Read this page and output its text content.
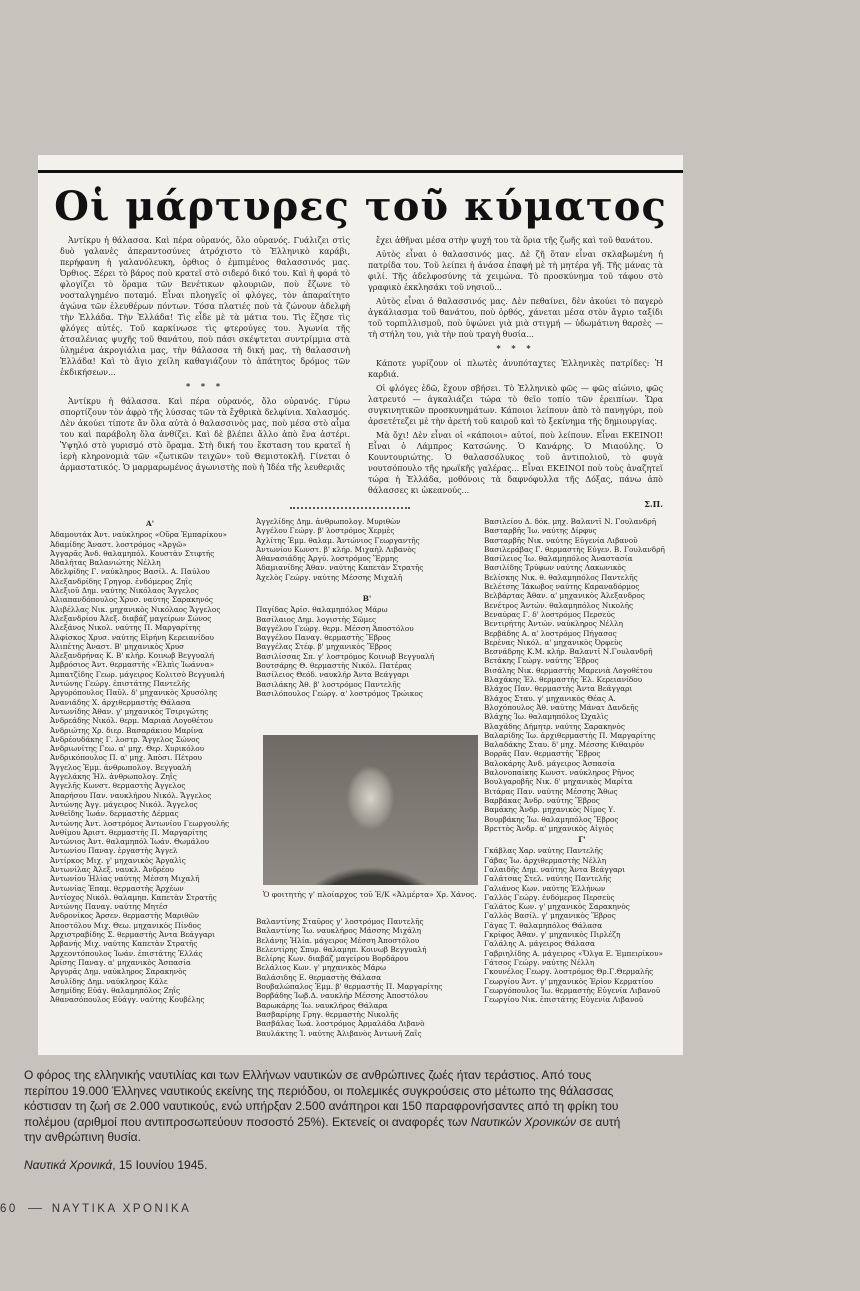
Οἱ μάρτυρες τοῦ κύματος

Ἀντίκρυ ἡ θάλασσα. Καὶ πέρα οὐρανός, ὅλο οὐρανός. Γυάλιζει στὶς δυὸ γαλανὲς ἀπεραντοσύνες ἀτρόχιστο τὸ Ἑλληνικὸ καράβι, περήφανη ἡ γαλανόλευκη, ὀρθιος ὁ ἐμπιμένος θαλασσινός μας. Ὀρθιος. Ξέρει τὸ βάρος ποὺ κρατεῖ στὸ σιδερό δικό του. Καὶ ἡ φορά τὸ φλογίζει τὸ ὅραμα τῶν Βενέτικων φλουριῶν, ποὺ ἔζωνε τὸ νοσταλγημένο ποταμό. Εἶναι πλοηγεῖς οἱ φλόγες, τὸν ἀπαραίτητο ἀγώνα τῶν ἑλευθέρων πόντων. Τόσα πλατιές ποὺ τὰ ζώνουν ἀδελφὴ τὴν Ἑλλάδα. Τὴν Ἑλλάδα! Τὶς εἶδε μὲ τὰ μάτια του. Τὶς ἔζησε τὶς φλόγες αὐτές. Τοῦ καρκίνωσε τὶς φτερούγες του. Ἀγωνία τῆς ἀτσαλένιας ψυχῆς τοῦ θανάτου, ποὺ πάσι σκέψτεται συντρίμμια στὰ ὑλημένα ἀκρογιάλια μας, τὴν θάλασσα τὴ δική μας, τὴ θαλασσινὴ Ἑλλάδα! Καὶ τὸ ἄγιο χείλη καθαγιάζουν τὸ ἀπάτητος δρόμος τῶν ἐκδικήσεων...

* * *

Ἀντίκρυ ἡ θάλασσα. Καὶ πέρα οὐρανός, ὅλο οὐρανός. Γύρω σπορτίζουν τὸν ἀφρὸ τῆς λύσσας τῶν τὰ ἔχθρικὰ δελφίνια. Χαλασμός. Δὲν ἀκούει τίποτε ἄν ὅλα αὐτὰ ὁ θαλασσινὸς μας, ποὺ μέσα στὸ αἷμα του καὶ παράβολη ὅλα ἀνθίζει. Καὶ δὲ βλέπει ἄλλο ἀπὸ ἕνα ἀστέρι. Ὑψηλό στὸ γυρισμό στὸ ὅραμα. Στὴ δική του ἔκσταση του κρατεῖ ἡ ἱερὴ κληρονομιὰ τῶν «ζωτικῶν τειχῶν» τοῦ Θεμιστοκλῆ. Γίνεται ὁ ἀρμαστατικός. Ὁ μαρμαρωμένος ἀγωνιστὴς ποὺ ἡ Ἰδέα τῆς λευθεριᾶς

ἔχει ἀθῆναι μέσα στὴν ψυχή του τὰ ὅρια τῆς ζωῆς καὶ τοῦ θανάτου.

Αὐτὸς εἶναι ὁ θαλασσινός μας. Δὲ ζῆ ὅταν εἶναι σκλαβωμένη ἡ πατρίδα του. Τοῦ λείπει ἡ ἀνάσα ἐπαφή μὲ τὴ μητέρα γῆ. Τῆς μάνας τὰ φιλί. Τῆς ἀδελφοσύνης τὰ χειμώνα. Τὸ προσκύνημα τοῦ τάφου στὸ γραφικὸ ἐκκλησάκι τοῦ νησιοῦ...

Αὐτὸς εἶναι ὁ θαλασσινός μας. Δὲν πεθαίνει, δὲν ἀκούει τὸ παγερὸ ἀγκάλιασμα τοῦ θανάτου, ποὺ ὀρθός, χάνεται μέσα στὸν ἄγριο ταξίδι τοῦ τορπιλλισμοῦ, ποὺ ὑψώνει γιὰ μιὰ στιγμή — ὑδωμάτινη θαρσὲς — τὴ στήλη του, γιὰ τὴν ποὺ τραγὴ θυσία...

* * *

Κάποτε γυρίζουν οἱ πλωτὲς ἀνυπόταχτες Ἑλληνικὲς πατρίδες: Ἡ καρδιά.

Οἱ φλόγες ἐδῶ, ἔχουν σβήσει. Τὸ Ἑλληνικὸ φῶς — φῶς αἰώνιο, φῶς λατρευτό — ἀγκαλιάζει τώρα τὸ θεῖο τοπίο τῶν ἐρειπίων. Ὥρα συγκινητικῶν προσκυνημάτων. Κάποιοι λείπουν ἀπὸ τὸ πανηγύρι, ποὺ ἀρσετέτεζει μὲ τὴν ἀρετή τοῦ καιροῦ καὶ τὸ ξεκίνημα τῆς δημιουργίας.

Μὰ ὄχι! Δὲν εἶναι οἱ «κάποιοι» αὐτοί, ποὺ λείπουν. Εἶναι ΕΚΕΙΝΟΙ! Εἶναι ὁ Λάμπρος Κατσώνης. Ὁ Κανάρης. Ὁ Μιαούλης. Ὁ Κουντουριώτης. Ὁ θαλασσόλυκος τοῦ ἀντιπολιοῦ, τὸ φυγὰ νουτσόπουλο τῆς ηρωϊκῆς γαλέρας... Εἶναι ΕΚΕΙΝΟΙ ποὺ τοὺς ἀναζητεῖ τώρα ἡ Ἑλλάδα, μοθόνοις τὰ δαφνόφυλλα τῆς Δόξας, πάνω ἀπὸ θάλασσες κι ὠκεανούς...

Σ.Π.
Α'
Ἀδαμουτάκ Ἀντ. ναύκληρος «Οὔρα Ἐμπαρίκου»
Ἀδαμίδης Ἀναστ. λοστρόμος «Ἀργῶ»
Ἀγγαρᾶς Ἀνδ. θαλαμηπόλ. Κουστὰν Στιφτής
Ἀδαλήτας Βαλανιώτης Νέλλη
Ἀδελφίδης Γ. ναύκληρος Βασίλ. Α. Παύλου
Ἀλεξανδρίδης Γρηγορ. ἐνδόμερος Ζηΐς
Ἀλεξιοῦ Δημ. ναύτης Νικόλαος Ἄγγελος
Ἀλιαπανδόπουλος Χρυσ. ναύτης Σαρακηνός
Ἀλιβέλλας Νικ. μηχανικὸς Νικόλαος Ἄγγελος
Ἀλεξανδρίου Ἀλεξ. διαβάζ μαγείρων Σώνος
Ἀλεξάνος Νικολ. ναύτης Π. Μαργαρίτης
Ἀλφίσκος Χρυσ. ναύτης Εἰρήνη Κερειανίδου
Ἀλιπέτης Ἀναστ. Β' μηχανικὸς Χρυσ
Ἀλεξανδρήνας Κ. Β' κλήρ. Κοινωβ Βεγγυαλή
Ἀμβρόσιος Ἀντ. θερμαστὴς «Ἑλπὶς Ἰωάννα»
Ἀμπατζίδης Γεωρ. μάγειρος Κολιτσὸ Βεγγυαλή
Ἀντώνης Γεώργ. ἐπιστάτης Παντελῆς
Ἀργυρόπουλος Παῦλ. δ' μηχανικὸς Χρυσόλης
Ἀνανιάδης Χ. ἀρχιθερμαστὴς Θάλασα
Ἀντωνίδης Ἀθαν. γ' μηχανικὸς Τσιριγώτης
Ἀνδρεάδης Νικόλ. θερμ. Μαριαὰ Λογοθέτου
Ἀνδριώτης Χρ. διερ. Βασαράκιου Μαρίνα
Ἀνδρέουδάκης Γ. λοστρ. Ἄγγελος Σώνος
Ἀνδριωνίτης Γεω. α' μηχ. Θερ. Χυρικόλου
Ἀνδρικόπουλος Π. α' μηχ. Ἀπὸσι. Πέτρου
Ἄγγελος Ἐμμ. ἀνθρωπολογ. Βεγγυαλή
Ἀγγελάκης Ἠλ. ἀνθρωπολογ. Ζηΐς
Ἀγγελῆς Κωνστ. θερμαστὴς Ἀγγελος
Ἀπαρήσου Παν. ναυκλήρου Νικόλ. Ἄγγελος
Ἀντώνης Ἀγγ. μάγειρος Νικόλ. Ἄγγελος
Ἀνθεῖδης Ἰωάν. δερμαστὴς Δέρμας
Ἀντώνης Ἀντ. λοστρόμος Ἀντωνίου Γεωργουλῆς
Ἀνθίμου Ἀριστ. θερμαστὴς Π. Μαργαρίτης
Ἀντώνιος Ἀντ. θαλαμηπόλ Ἰωάν. Θωμάλου
Ἀντωνίου Παναγ. ἐργαστὴς Ἀγγελ
Ἀντίρκος Μιχ. γ' μηχανικὸς Ἀργαλὶς
Ἀντωνίλας Ἀλεξ. ναυκλ. Ἀνδρέου
Ἀντωνίου Ἠλίας ναύτης Μέσση Μιχαλῆ
Ἀντωνίας Ἐπαμ. θερμαστὴς Ἀρχέων
Ἀντίοχος Νικόλ. θαλαμηπ. Καπετὰν Στρατῆς
Ἀντώνης Παναγ. ναύτης Μητέσ
Ἀνδρονίκος Ἀρσεν. θερμαστὴς Μαριθῶν
Ἀποστόλου Μιχ. Θεω. μηχανικὸς Πίνδος
Ἀρχιστραβίδης Σ. θερμαστὴς Ἀντα Βεάγγαρι
Ἀρβανής Μιχ. ναύτης Καπετὰν Στρατῆς
Ἀρχεοντόπουλος Ἰωάν. ἐπιστάτης Ἑλλάς
Ἀρίσης Παναγ. α' μηχανικὸς Ἀσπασία
Ἀργυρᾶς Δημ. ναύκληρος Σαρακηνὸς
Ἀσυλίδης Δημ. ναύκληρος Κάλε
Ἀσημίδης Εὐάγ. θαλαμηπόλος Ζηΐς
Ἀθανασόπουλος Εὐάγγ. ναύτης Κουβέλης
Ἀγγελίδης Δημ. ἀνθρωπολογ. Μυριθὼν
Ἀγγέλου Γεώργ. β' λοστρόμος Χερμὲς
Ἀχλίτης Ἐμμ. θαλαμ. Ἀντώνιος Γεωργαντῆς
Ἀντωνίου Κωνστ. β' κλήρ. Μιχαὴλ Λιβανὸς
Ἀθανασιάδης Ἀργύ. λοστρόμος Ἕρμης
Ἀδαμιανίδης Ἀθαν. ναύτης Καπετὰν Στρατῆς
Ἀχελὸς Γεώργ. ναύτης Μέσσης Μιχαλῆ
Β'
Παγίδας Ἀρίσ. θαλαμηπόλος Μάρω
Βασίλαιος Δημ. λογιστὴς Σῶμες
Βαγγέλου Γεώργ. θερμ. Μέσση Ἀποστόλου
Βαγγέλου Παναγ. θερμαστὴς Ἕβρος
Βαγγέλας Στέφ. β' μηχανικὸς Ἕβρος
Βασιλίσσας Σπ. γ' λοστρόμος Κοινωβ Βεγγυαλή
Βουτσάρης Θ. θερμαστὴς Νικόλ. Πατέρας
Βασίλειος Θεόδ. ναυκλήρ Ἀντα Βεάγγαρι
Βασιλάκης Ἀθ. β' λοστρόμος Παντελῆς
Βασιλόπουλος Γεώργ. α' λοστρόμος Τρώικος
Ὁ φοιτητὴς γ' πλοίαρχος τοῦ Ἑ/Κ «Ἀλμέρτα» Χρ. Χάνος.
Βαλαντίνης Σταῦρος γ' λοστρόμος Παντελῆς
Βαλαντίνης Ἰω. ναυκλήρος Μάσσης Μιχάλη
Βελάνης Ἠλία. μάγειρος Μέσση Ἀποστόλου
Βελεντίρης Σπυρ. θαλαμηπ. Κοινωβ Βεγγυαλή
Βελίρης Κων. διαβάζ μαγείρου Βορδάρου
Βελάλιος Κων. γ' μηχανικὸς Μάρω
Βαλάσιδης Ε. θερμαστὴς Θάλασα
Βουβαλώπαλος Ἐμμ. β' θερμαστὴς Π. Μαργαρίτης
Βορβάδης Ἰωβ.Δ. ναυκλήρ Μέσσης Ἀποστόλου
Βαρωκάρης Ἰω. ναυκλήρος Θάλαρα
Βασβαρίρης Γρηγ. θερμαστὴς Νικολῆς
Βασβάλας Ἰωά. λοστρόμος Ἀρμαλάδα Λιβανὸ
Βαυλάκτης Ἰ. ναύτης Ἀλιβανὸς Ἀντωνῆ Ζαΐς
Βασιλείου Δ. δόκ. μηχ. Βαλαντῖ Ν. Γουλανδρῆ
Βασταρβῆς Ἰω. ναύτης Δίρφυς
Βασταρβῆς Νικ. ναύτης Εὐγενία Λιβανοῦ
Βασιλεράβας Γ. θερμαστὴς Εὐγεν. Β. Γουλανδρῆ
Βασίλειος Ἰω. θαλαμηπόλος Ἀναστασία
Βασιλίδης Τρύφων ναύτης Λακωνικὸς
Βελίσκης Νικ. θ. θαλαμηπόλος Παντελῆς
Βελέτσης Ἰάκωβος ναύτης Καραναδόρμος
Βελβάρτας Ἀθαν. α' μηχανικὸς Ἀλεξανδρος
Βενέτρος Ἀντών. θαλαμηπόλος Νικολῆς
Βεναύρας Γ. δ' λοστρόμος Περσεύς
Βεντιρήτης Ἀντών. ναύκληρος Νέλλη
Βερβάδης Α. α' λοστρόμος Πήγασος
Βερένας Νικόλ. α' μηχανικὸς Ὀρφεὺς
Βεσνάδρης Κ.Μ. κλήρ. Βαλαντῖ Ν.Γουλανδρῆ
Βετάκης Γεώργ. ναύτης Ἕβρος
Βισάλης Νικ. θερμαστὴς Μαρενιὰ Λογοθέτου
Βλαχάκης Ἐλ. θερμαστὴς Ἐλ. Κερειανίδου
Βλάχος Παν. θερμαστὴς Ἀντα Βεάγγαρι
Βλάχος Σταυ. γ' μηχανικὸς Θέας Α.
Βλοχόπουλος Ἀθ. ναύτης Μάνατ Δανδεῆς
Βλάχης Ἰω. θαλαμηπόλος Ὠχαλὶς
Βλαχάδης Δήμητρ. ναύτης Σαρακηνὸς
Βαλαρίδης Ἰω. ἀρχιθερμαστὴς Π. Μαργαρίτης
Βαλαδάκης Σταυ. δ' μηχ. Μέσσης Κιθαιρὸν
Βορρᾶς Παν. θερμαστὴς Ἕβρος
Βαλοκάρης Ἀνδ. μάγειρος Ἀσπασία
Βαλονοπαίκης Κωνστ. ναύκληρος Ρῆνος
Βουλγαροβῆς Νικ. δ' μηχανικὸς Μαρίτα
Βιτάρας Παν. ναύτης Μέσσης Ἄθως
Βαρβάκας Ἀνδρ. ναύτης Ἕβρος
Βαμάκης Ἀνδρ. μηχανικὸς Νίμος Υ.
Βουρβάκης Ἰω. θαλαμηπόλος Ἕβρος
Βρεττὸς Ἀνδρ. α' μηχανικὸς Αἰγιὸς
Γ'
Γκάβλας Χαρ. ναύτης Παντελῆς
Γάβας Ἰω. ἀρχιθερμαστὴς Νέλλη
Γαλαιδῆς Δημ. ναύτης Ἀντα Βεάγγαρι
Γαλάτσας Στελ. ναύτης Παντελῆς
Γαλιάνος Κων. ναύτης Ἑλλήνων
Γαλλὸς Γεώργ. ἐνδόμερος Περσεὺς
Γαλάτος Κων. γ' μηχανικὸς Σαρακηνὸς
Γαλλὸς Βασίλ. γ' μηχανικὸς Ἕβρος
Γάγας Τ. θαλαμηπόλος Θάλασα
Γκρίφος Ἀθαν. γ' μηχανικὸς Πιρλέζη
Γαλάλης Α. μάγειρος Θάλασα
Γαβριηλίδης Α. μάγειρος «Ὄλγα Ε. Ἐμπειρίκου»
Γάτσος Γεώργ. ναύτης Νέλλη
Γκουνέλος Γεωργ. λοστρόμος Θρ.Γ.Θερμαλῆς
Γεωργίου Ἀντ. γ' μηχανικὸς Ἐρίον Κερματίου
Γεωργόπουλος Ἰω. θερμαστὴς Εὐγενία Λιβανοῦ
Γεωργίου Νικ. ἐπιστάτης Εὐγενία Λιβανοῦ
Ο φόρος της ελληνικής ναυτιλίας και των Ελλήνων ναυτικών σε ανθρώπινες ζωές ήταν τεράστιος. Από τους περίπου 19.000 Έλληνες ναυτικούς εκείνης της περιόδου, οι πολεμικές συγκρούσεις στο μέτωπο της θάλασσας κόστισαν τη ζωή σε 2.000 ναυτικούς, ενώ υπήρξαν 2.500 ανάπηροι και 150 παραφρονήσαντες από τη φρίκη του πολέμου (αριθμοί που αντιπροσωπεύουν ποσοστό 25%). Εκτενείς οι αναφορές των Ναυτικών Χρονικών σε αυτή την ανθρώπινη θυσία.
Ναυτικά Χρονικά, 15 Ιουνίου 1945.
60	ΝΑΥΤΙΚΑ ΧΡΟΝΙΚΑ
